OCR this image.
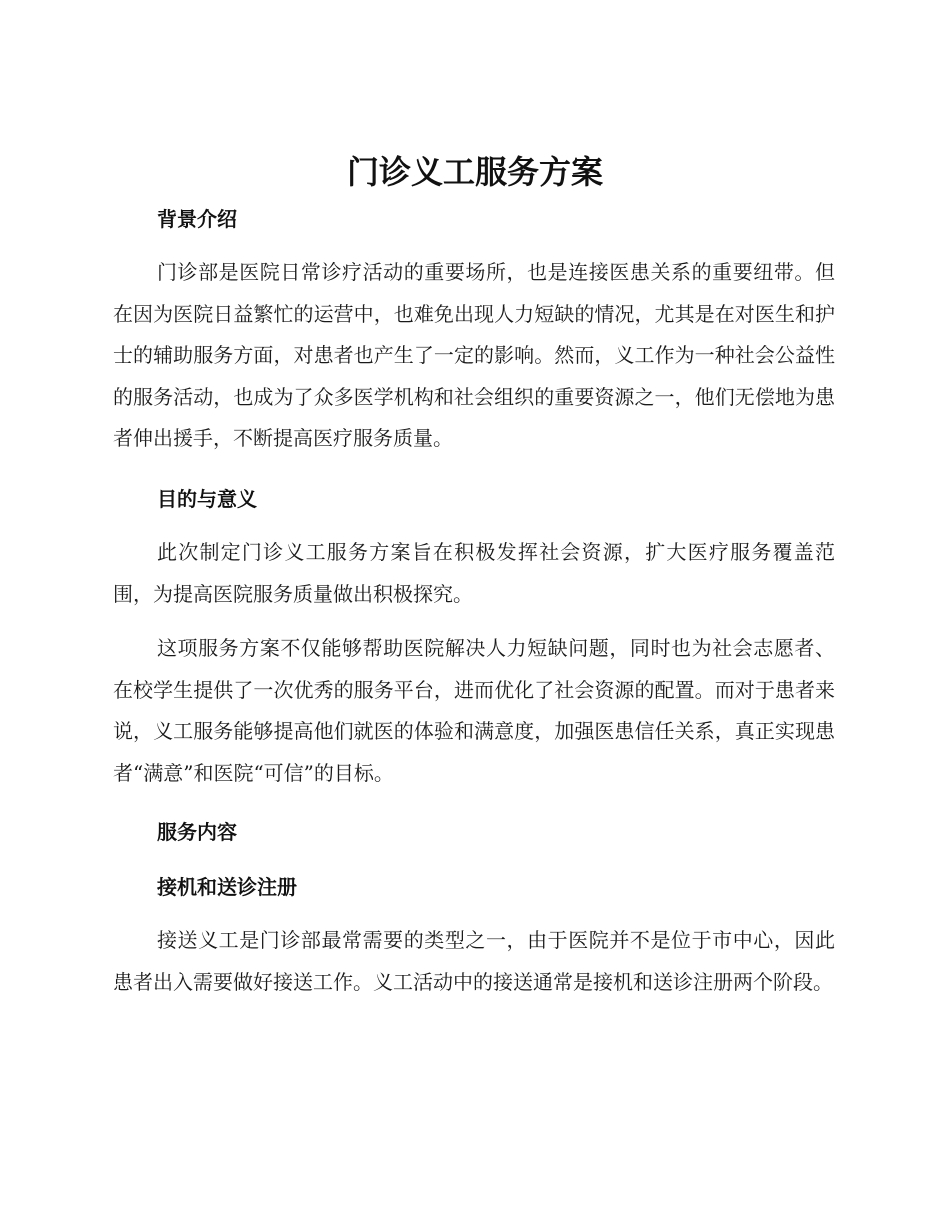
门诊义工服务方案
背景介绍

门诊部是医院日常诊疗活动的重要场所，也是连接医患关系的重要纽带。但在因为医院日益繁忙的运营中，也难免出现人力短缺的情况，尤其是在对医生和护士的辅助服务方面，对患者也产生了一定的影响。然而，义工作为一种社会公益性的服务活动，也成为了众多医学机构和社会组织的重要资源之一，他们无偿地为患者伸出援手，不断提高医疗服务质量。

目的与意义

此次制定门诊义工服务方案旨在积极发挥社会资源，扩大医疗服务覆盖范围，为提高医院服务质量做出积极探究。

这项服务方案不仅能够帮助医院解决人力短缺问题，同时也为社会志愿者、在校学生提供了一次优秀的服务平台，进而优化了社会资源的配置。而对于患者来说，义工服务能够提高他们就医的体验和满意度，加强医患信任关系，真正实现患者“满意”和医院“可信”的目标。

服务内容
接机和送诊注册

接送义工是门诊部最常需要的类型之一，由于医院并不是位于市中心，因此患者出入需要做好接送工作。义工活动中的接送通常是接机和送诊注册两个阶段。
